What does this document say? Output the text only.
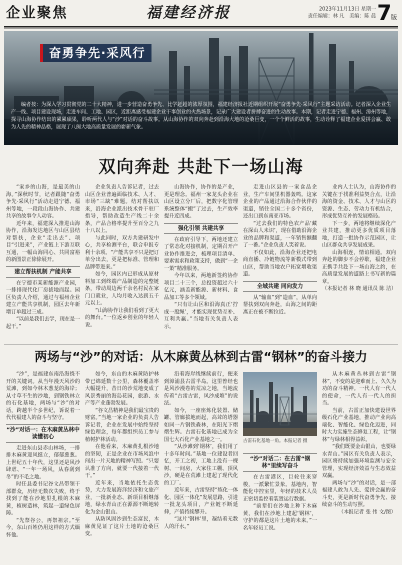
企业聚焦	福建经济报	2023年11月13日 星期一
责任编辑：林 凡　美编：陈 晨 7 版
奋勇争先·采风行
编者按：为深入学习贯彻党的二十大精神，进一步营造奋勇争先、比学赶超的浓厚氛围，福建经济报社近期组织开展“奋勇争先·采风行”主题采访活动。记者深入企业生产一线、项目建设现场，走进车间、工地、园区，近距离感受福建企业干事创业的火热场景，记录广大建设者拼搏奋进的生动故事。本期，记者走进宁德、福州、漳州等地，探寻山海协作结出的累累硕果，聆听两代人与“沙”对话的奋斗故事。从山海协作的双向奔赴到沿海大地的沧桑巨变，一个个鲜活的故事，生动诠释了福建企业爱拼会赢、敢为人先的精神品格，展现了八闽大地高质量发展的崭新气象。
双向奔赴 共赴下一场山海

“家乡的山海，是最美的山海。”深秋时节，记者跟随“奋勇争先·采风行”活动走进宁德、福州等地，一段段山海协作、共建共享的故事令人动容。

近年来，福建深入推进山海协作，沿海发达地区与山区县结对帮扶，企业“走出去”、项目“引进来”，产业链上下游互联互通，一幅山海同心、共同富裕的新图景正徐徐展开。

建立帮扶机制 产能共享

在宁德市某新能源产业园，一排排现代化厂房拔地而起。园区负责人介绍，通过与福州企业建立产能共享机制，园区去年新增订单超过三成。

“以前是我们去学，现在是一起干。”

企业负责人告诉记者，过去山区企业普遍面临技术、人才、市场“三缺”难题。结对帮扶以来，沿海企业派出技术骨干驻厂指导，帮助改造生产线二十余条，产品合格率提升至百分之九十八以上。

与此同时，双方共建研发中心，共享检测平台，联合申报专利十余项。“产能共享不只是把订单分出去，更是把标准、管理和品牌带进来。”

如今，园区内已形成从原材料加工到终端产品制造的完整链条，带动周边两千余名村民在家门口就业，人均月收入达到五千元以上。

“山海协作让我们看到了更大的舞台。”一位返乡创业的年轻人说。

山海协作，协作的是产业，更是理念。福州一家龙头企业在山区设立分厂后，把数字化管理系统整体“搬”了过去，生产效率提升近四成。

强化引领 共建共享

在政府引导下，两地还建立了常态化对接机制，定期召开产业协作推进会，梳理项目清单、要素需求和政策支持，做到“一企一策”精准服务。

今年以来，两地新签约协作项目二十三个，总投资超过六十亿元，涵盖新能源、新材料、食品加工等多个领域。

“只有让山区和沿海真正‘拧成一股绳’，才能实现优势互补、互利共赢。”当地有关负责人表示。

走进山区县的一家食品企业，生产车间里机器轰鸣。这家企业的产品通过沿海合作伙伴的渠道，销往全国二十多个省份，还出口到东南亚市场。

“过去我们的特色农产品‘藏在深山人未识’，现在借助沿海企业的品牌和渠道，一年销售额翻了一番。”企业负责人笑着说。

不仅如此，沿海企业还把电商直播、冷链物流等新模式带到山区，帮助当地农户拓宽增收渠道。

全域共建 同向发力

从“输血”到“造血”，从单向帮扶到双向奔赴，山海之间的距离正在被不断拉近。

业内人士认为，山海协作的关键在于找准利益契合点，让沿海的资金、技术、人才与山区的资源、生态、劳动力有机结合，形成优势互补的发展格局。

下一步，两地将继续深化产业共建，推动更多优质项目落地，打造一批协作示范园区，让山区群众共享发展成果。

山海相连，情谊相通。双向奔赴的脚步不会停歇，福建企业正携手共赴下一场山海之约，在高质量发展的道路上书写新的篇章。

（本报记者 林 晓 通讯员 陈 洁）

两场与“沙”的对话：从木麻黄丛林到古雷“钢林”的奋斗接力

“沙”，是福建东南沿海绕不开的关键词。从当年漫天风沙的荒滩，到如今林木葱茏的海岸；从寸草不生的沙地，到钢铁林立的石化基地，两场与“沙”的对话，跨越半个多世纪，诉说着一代代福建人的奋斗与坚守。

“沙”对话一：在木麻黄丛林中读懂初心

走进东山县赤山林场，一排排木麻黄迎风挺立，郁郁葱葱。上世纪五十年代，这里还是风沙肆虐、“一年一场风，从春刮到冬”的不毛之地。

时任县委书记谷文昌带领干部群众，历经无数次失败，终于找到了能在沙地里扎根的木麻黄，植树造林，筑起一道绿色屏障。

“先祭谷公，再祭祖宗。”至今，东山百姓仍用这样的方式缅怀他。

如今，东山的木麻黄防护林带已绵延数十公里，森林覆盖率大幅提升，昔日的沙荒地变成了风景秀丽的海岛花园，旅游、水产等产业蓬勃发展。

“谷文昌精神是我们最宝贵的财富。”当地一家企业的负责人告诉记者，企业在发展中始终坚持绿色理念，每年都组织员工参与植树护林活动。

在他看来，木麻黄扎根沙地的坚韧，正是企业在市场风浪中闯出一片天地的精神写照。“只要认准了方向，就要一代接着一代干。”

近年来，当地依托生态优势，大力发展海洋经济和文旅产业，一批新业态、新项目相继落地，绿水青山正在源源不断地转化为金山银山。

从防风固沙到生态富民，木麻黄见证了这片土地的沧桑巨变。

沿着海岸线继续前行，便来到漳浦县古雷半岛。这里曾经也是风沙漫卷的荒凉之地，当地流传着“古雷古雷，风沙成堆”的说法。

如今，一座座炼化装置、储罐、管廊拔地而起，高耸的塔器如同一片钢铁森林，在阳光下熠熠生辉。古雷石化基地已成为全国七大石化产业基地之一。

“从沙滩到‘钢林’，我们用了十多年时间。”基地一位建设者回忆，开工之初，工地上没有一棵树、一间房，大家住工棚、顶风沙，硬是在荒滩上建起了现代化的工厂。

近年来，古雷坚持“炼化一体化、园区一体化”发展思路，引进一批龙头项目，产业链不断延伸，产值持续攀升。

“这片‘钢林’里，凝结着无数人的汗水。”

古雷石化基地一角。本报记者 摄
“沙”对话二：在古雷“钢林”里续写奋斗

在古雷港区，巨轮往来穿梭，一派繁忙景象。基地内，智能化中控室里，年轻的技术人员正密切监控着装置运行数据。

“前辈们在沙地上种下木麻黄，我们在沙地上建起‘钢林’，守护的都是这片土地的未来。”一名年轻员工说。

从木麻黄丛林到古雷“钢林”，不变的是迎难而上、久久为功的奋斗精神。一代人有一代人的使命，一代人有一代人的担当。

当前，古雷正加快建设世界级石化产业基地，推动产业向高端化、智能化、绿色化迈进，同时大力实施生态修复工程，让“钢林”与绿林相得益彰。

“我们既要金山银山，也要绿水青山。”园区有关负责人表示，园区将持续加强环境监测与安全管理，实现经济效益与生态效益双赢。

两场与“沙”的对话，是一部福建人敢为人先、爱拼会赢的奋斗史，更是新时代奋勇争先、接续奋斗的生动写照。

（本报记者 张 伟 文/图）
